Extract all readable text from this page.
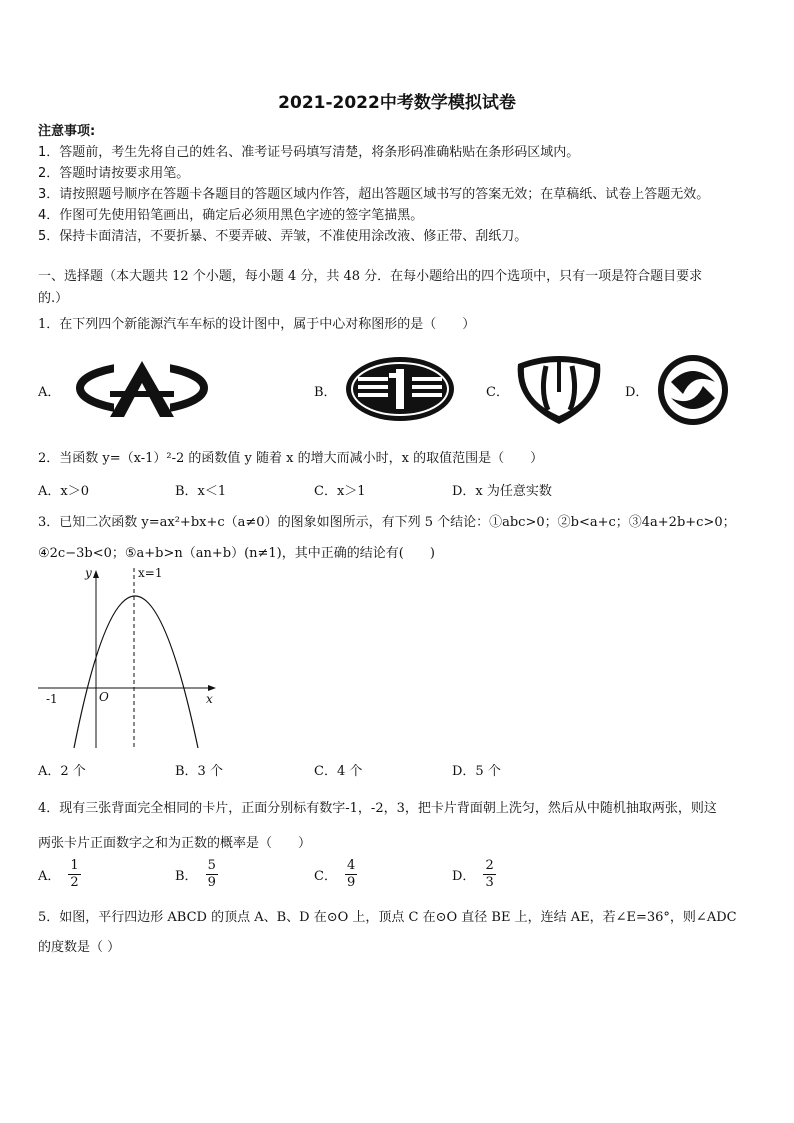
2021-2022中考数学模拟试卷
注意事项:
1．答题前，考生先将自己的姓名、准考证号码填写清楚，将条形码准确粘贴在条形码区域内。
2．答题时请按要求用笔。
3．请按照题号顺序在答题卡各题目的答题区域内作答，超出答题区域书写的答案无效；在草稿纸、试卷上答题无效。
4．作图可先使用铅笔画出，确定后必须用黑色字迹的签字笔描黑。
5．保持卡面清洁，不要折暴、不要弄破、弄皱，不准使用涂改液、修正带、刮纸刀。
一、选择题（本大题共 12 个小题，每小题 4 分，共 48 分．在每小题给出的四个选项中，只有一项是符合题目要求
的.）
1．在下列四个新能源汽车车标的设计图中，属于中心对称图形的是（　　）
A．	B．	C．	D．
2．当函数 y=（x-1）²-2 的函数值 y 随着 x 的增大而减小时，x 的取值范围是（　　）
A．x＞0	B．x＜1	C．x＞1	D．x 为任意实数
3．已知二次函数 y=ax²+bx+c（a≠0）的图象如图所示，有下列 5 个结论：①abc>0；②b<a+c；③4a+2b+c>0；
④2c−3b<0；⑤a+b>n（an+b）(n≠1)，其中正确的结论有(　　)
y	x=1
O
-1	x
A．2 个	B．3 个	C．4 个	D．5 个
4．现有三张背面完全相同的卡片，正面分别标有数字-1，-2，3，把卡片背面朝上洗匀，然后从中随机抽取两张，则这
两张卡片正面数字之和为正数的概率是（　　）
A． $\frac{1}{2}$	B． $\frac{5}{9}$	C． $\frac{4}{9}$	D． $\frac{2}{3}$
5．如图，平行四边形 ABCD 的顶点 A、B、D 在⊙O 上，顶点 C 在⊙O 直径 BE 上，连结 AE，若∠E=36°，则∠ADC
的度数是（ ）
